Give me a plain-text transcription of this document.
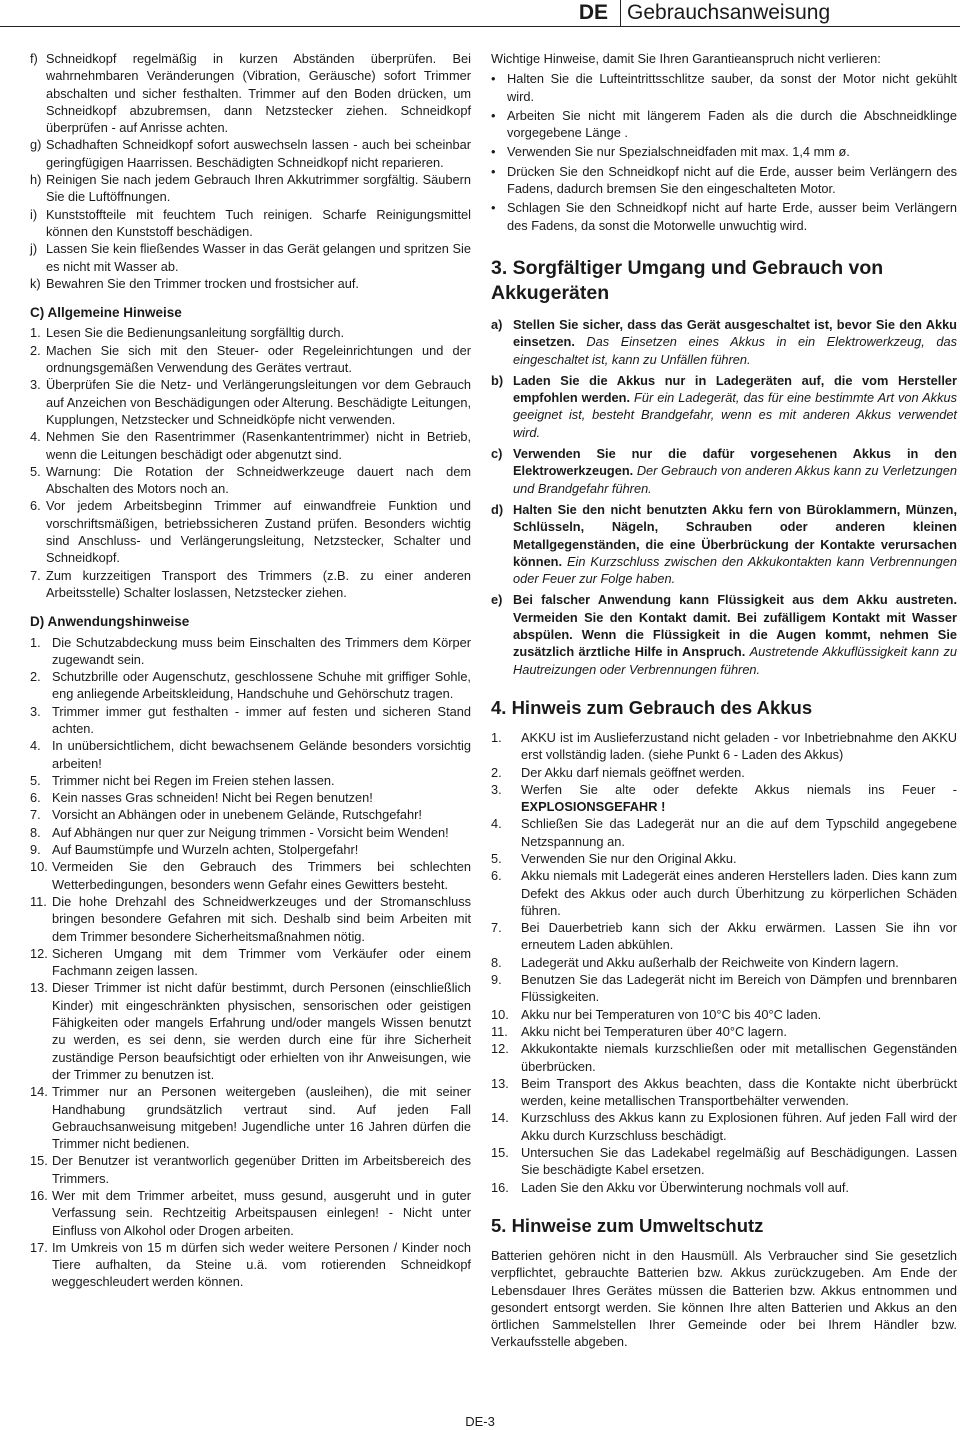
DE Gebrauchsanweisung
f) Schneidkopf regelmäßig in kurzen Abständen überprüfen. Bei wahrnehmbaren Veränderungen (Vibration, Geräusche) sofort Trimmer abschalten und sicher festhalten. Trimmer auf den Boden drücken, um Schneidkopf abzubremsen, dann Netzstecker ziehen. Schneidkopf überprüfen - auf Anrisse achten.
g) Schadhaften Schneidkopf sofort auswechseln lassen - auch bei scheinbar geringfügigen Haarrissen. Beschädigten Schneidkopf nicht reparieren.
h) Reinigen Sie nach jedem Gebrauch Ihren Akkutrimmer sorgfältig. Säubern Sie die Luftöffnungen.
i) Kunststoffteile mit feuchtem Tuch reinigen. Scharfe Reinigungsmittel können den Kunststoff beschädigen.
j) Lassen Sie kein fließendes Wasser in das Gerät gelangen und spritzen Sie es nicht mit Wasser ab.
k) Bewahren Sie den Trimmer trocken und frostsicher auf.

C) Allgemeine Hinweise

1. Lesen Sie die Bedienungsanleitung sorgfälltig durch.
2. Machen Sie sich mit den Steuer- oder Regeleinrichtungen und der ordnungsgemäßen Verwendung des Gerätes vertraut.
3. Überprüfen Sie die Netz- und Verlängerungsleitungen vor dem Gebrauch auf Anzeichen von Beschädigungen oder Alterung. Beschädigte Leitungen, Kupplungen, Netzstecker und Schneidköpfe nicht verwenden.
4. Nehmen Sie den Rasentrimmer (Rasenkantentrimmer) nicht in Betrieb, wenn die Leitungen beschädigt oder abgenutzt sind.
5. Warnung: Die Rotation der Schneidwerkzeuge dauert nach dem Abschalten des Motors noch an.
6. Vor jedem Arbeitsbeginn Trimmer auf einwandfreie Funktion und vorschriftsmäßigen, betriebssicheren Zustand prüfen. Besonders wichtig sind Anschluss- und Verlängerungsleitung, Netzstecker, Schalter und Schneidkopf.
7. Zum kurzzeitigen Transport des Trimmers (z.B. zu einer anderen Arbeitsstelle) Schalter loslassen, Netzstecker ziehen.

D) Anwendungshinweise

1. Die Schutzabdeckung muss beim Einschalten des Trimmers dem Körper zugewandt sein.
2. Schutzbrille oder Augenschutz, geschlossene Schuhe mit griffiger Sohle, eng anliegende Arbeitskleidung, Handschuhe und Gehörschutz tragen.
3. Trimmer immer gut festhalten - immer auf festen und sicheren Stand achten.
4. In unübersichtlichem, dicht bewachsenem Gelände besonders vorsichtig arbeiten!
5. Trimmer nicht bei Regen im Freien stehen lassen.
6. Kein nasses Gras schneiden! Nicht bei Regen benutzen!
7. Vorsicht an Abhängen oder in unebenem Gelände, Rutschgefahr!
8. Auf Abhängen nur quer zur Neigung trimmen - Vorsicht beim Wenden!
9. Auf Baumstümpfe und Wurzeln achten, Stolpergefahr!
10. Vermeiden Sie den Gebrauch des Trimmers bei schlechten Wetterbedingungen, besonders wenn Gefahr eines Gewitters besteht.
11. Die hohe Drehzahl des Schneidwerkzeuges und der Stromanschluss bringen besondere Gefahren mit sich. Deshalb sind beim Arbeiten mit dem Trimmer besondere Sicherheitsmaßnahmen nötig.
12. Sicheren Umgang mit dem Trimmer vom Verkäufer oder einem Fachmann zeigen lassen.
13. Dieser Trimmer ist nicht dafür bestimmt, durch Personen (einschließlich Kinder) mit eingeschränkten physischen, sensorischen oder geistigen Fähigkeiten oder mangels Erfahrung und/oder mangels Wissen benutzt zu werden, es sei denn, sie werden durch eine für ihre Sicherheit zuständige Person beaufsichtigt oder erhielten von ihr Anweisungen, wie der Trimmer zu benutzen ist.
14. Trimmer nur an Personen weitergeben (ausleihen), die mit seiner Handhabung grundsätzlich vertraut sind. Auf jeden Fall Gebrauchsanweisung mitgeben! Jugendliche unter 16 Jahren dürfen die Trimmer nicht bedienen.
15. Der Benutzer ist verantworlich gegenüber Dritten im Arbeitsbereich des Trimmers.
16. Wer mit dem Trimmer arbeitet, muss gesund, ausgeruht und in guter Verfassung sein. Rechtzeitig Arbeitspausen einlegen! - Nicht unter Einfluss von Alkohol oder Drogen arbeiten.
17. Im Umkreis von 15 m dürfen sich weder weitere Personen / Kinder noch Tiere aufhalten, da Steine u.ä. vom rotierenden Schneidkopf weggeschleudert werden können.

Wichtige Hinweise, damit Sie Ihren Garantieanspruch nicht verlieren:

• Halten Sie die Lufteintrittsschlitze sauber, da sonst der Motor nicht gekühlt wird.
• Arbeiten Sie nicht mit längerem Faden als die durch die Abschneidklinge vorgegebene Länge .
• Verwenden Sie nur Spezialschneidfaden mit max. 1,4 mm ø.
• Drücken Sie den Schneidkopf nicht auf die Erde, ausser beim Verlängern des Fadens, dadurch bremsen Sie den eingeschalteten Motor.
• Schlagen Sie den Schneidkopf nicht auf harte Erde, ausser beim Verlängern des Fadens, da sonst die Motorwelle unwuchtig wird.

3. Sorgfältiger Umgang und Gebrauch von Akkugeräten

a) Stellen Sie sicher, dass das Gerät ausgeschaltet ist, bevor Sie den Akku einsetzen. Das Einsetzen eines Akkus in ein Elektrowerkzeug, das eingeschaltet ist, kann zu Unfällen führen.
b) Laden Sie die Akkus nur in Ladegeräten auf, die vom Hersteller empfohlen werden. Für ein Ladegerät, das für eine bestimmte Art von Akkus geeignet ist, besteht Brandgefahr, wenn es mit anderen Akkus verwendet wird.
c) Verwenden Sie nur die dafür vorgesehenen Akkus in den Elektrowerkzeugen. Der Gebrauch von anderen Akkus kann zu Verletzungen und Brandgefahr führen.
d) Halten Sie den nicht benutzten Akku fern von Büroklammern, Münzen, Schlüsseln, Nägeln, Schrauben oder anderen kleinen Metallgegenständen, die eine Überbrückung der Kontakte verursachen können. Ein Kurzschluss zwischen den Akkukontakten kann Verbrennungen oder Feuer zur Folge haben.
e) Bei falscher Anwendung kann Flüssigkeit aus dem Akku austreten. Vermeiden Sie den Kontakt damit. Bei zufälligem Kontakt mit Wasser abspülen. Wenn die Flüssigkeit in die Augen kommt, nehmen Sie zusätzlich ärztliche Hilfe in Anspruch. Austretende Akkuflüssigkeit kann zu Hautreizungen oder Verbrennungen führen.

4. Hinweis zum Gebrauch des Akkus

1. AKKU ist im Auslieferzustand nicht geladen - vor Inbetriebnahme den AKKU erst vollständig laden. (siehe Punkt 6 - Laden des Akkus)
2. Der Akku darf niemals geöffnet werden.
3. Werfen Sie alte oder defekte Akkus niemals ins Feuer - EXPLOSIONSGEFAHR !
4. Schließen Sie das Ladegerät nur an die auf dem Typschild angegebene Netzspannung an.
5. Verwenden Sie nur den Original Akku.
6. Akku niemals mit Ladegerät eines anderen Herstellers laden. Dies kann zum Defekt des Akkus oder auch durch Überhitzung zu körperlichen Schäden führen.
7. Bei Dauerbetrieb kann sich der Akku erwärmen. Lassen Sie ihn vor erneutem Laden abkühlen.
8. Ladegerät und Akku außerhalb der Reichweite von Kindern lagern.
9. Benutzen Sie das Ladegerät nicht im Bereich von Dämpfen und brennbaren Flüssigkeiten.
10. Akku nur bei Temperaturen von 10°C bis 40°C laden.
11. Akku nicht bei Temperaturen über 40°C lagern.
12. Akkukontakte niemals kurzschließen oder mit metallischen Gegenständen überbrücken.
13. Beim Transport des Akkus beachten, dass die Kontakte nicht überbrückt werden, keine metallischen Transportbehälter verwenden.
14. Kurzschluss des Akkus kann zu Explosionen führen. Auf jeden Fall wird der Akku durch Kurzschluss beschädigt.
15. Untersuchen Sie das Ladekabel regelmäßig auf Beschädigungen. Lassen Sie beschädigte Kabel ersetzen.
16. Laden Sie den Akku vor Überwinterung nochmals voll auf.

5. Hinweise zum Umweltschutz

Batterien gehören nicht in den Hausmüll. Als Verbraucher sind Sie gesetzlich verpflichtet, gebrauchte Batterien bzw. Akkus zurückzugeben. Am Ende der Lebensdauer Ihres Gerätes müssen die Batterien bzw. Akkus entnommen und gesondert entsorgt werden. Sie können Ihre alten Batterien und Akkus an den örtlichen Sammelstellen Ihrer Gemeinde oder bei Ihrem Händler bzw. Verkaufsstelle abgeben.

DE-3
